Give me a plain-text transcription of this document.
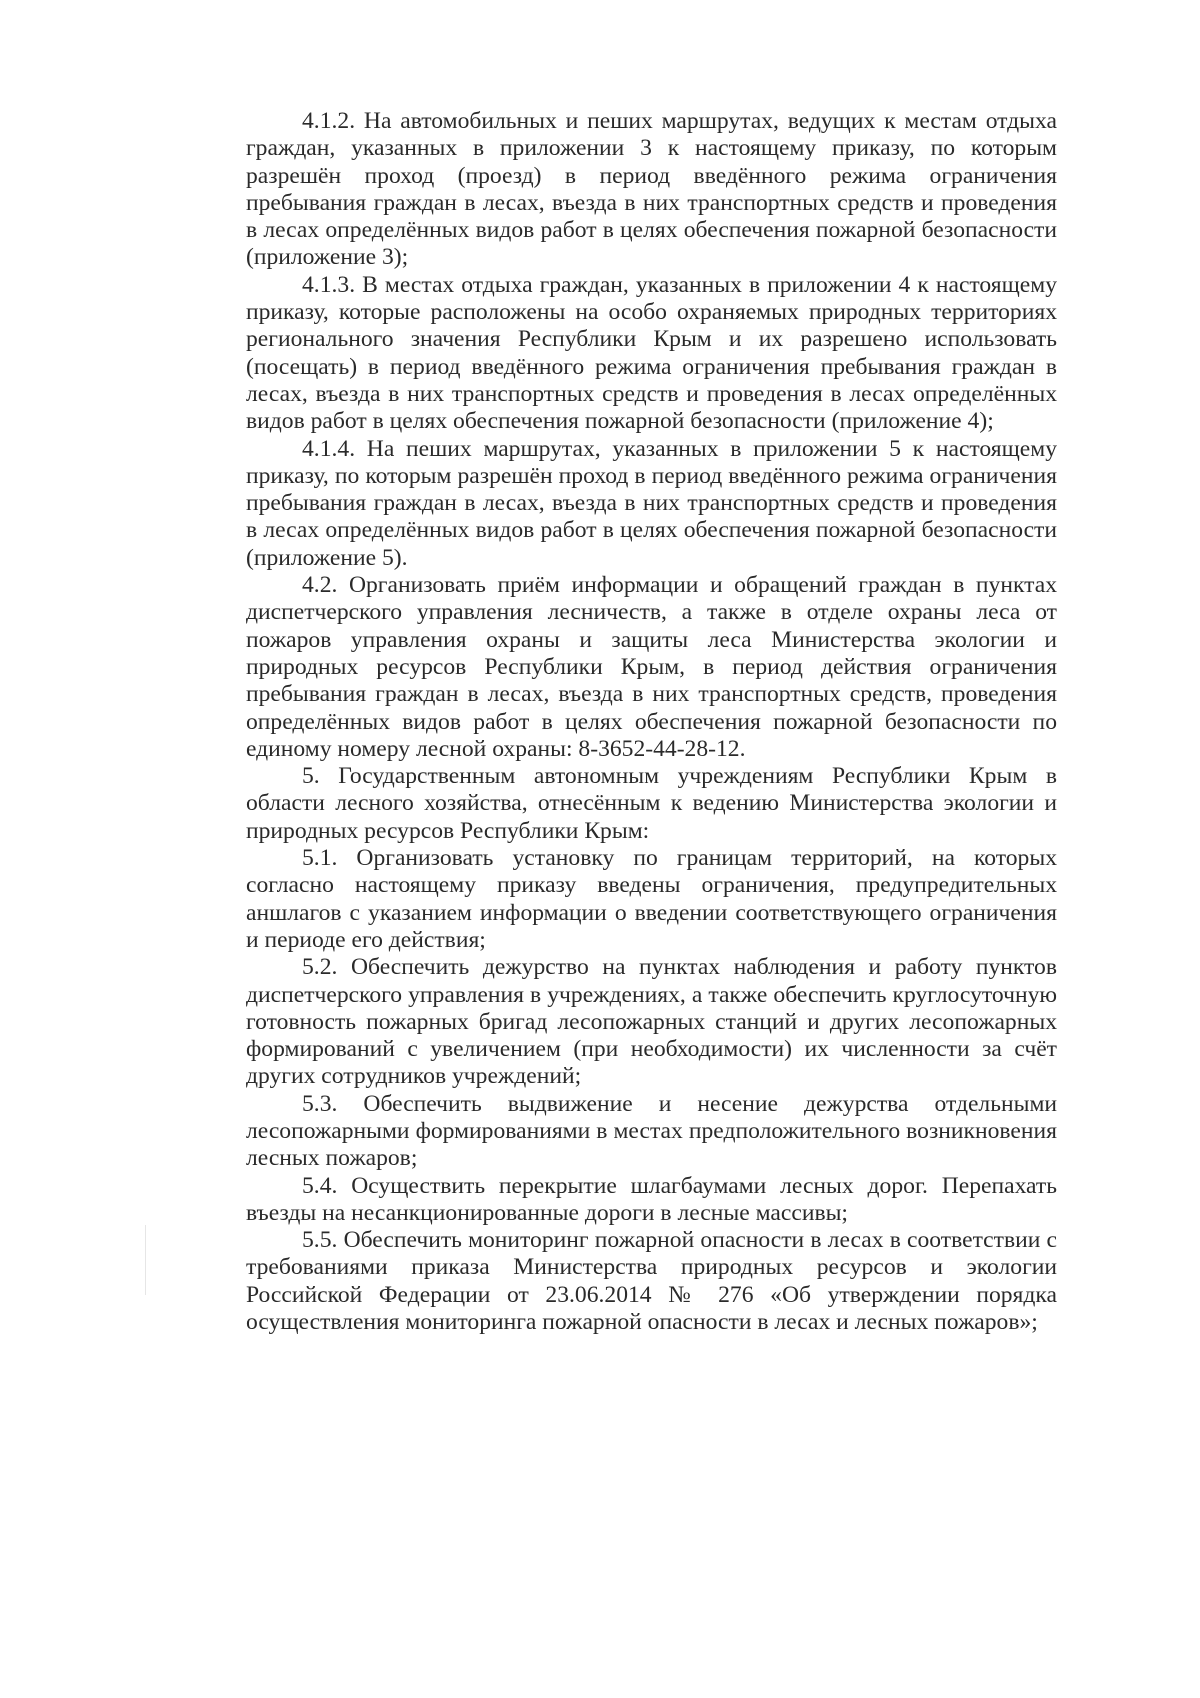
4.1.2. На автомобильных и пеших маршрутах, ведущих к местам отдыха граждан, указанных в приложении 3 к настоящему приказу, по которым разрешён проход (проезд) в период введённого режима ограничения пребывания граждан в лесах, въезда в них транспортных средств и проведения в лесах определённых видов работ в целях обеспечения пожарной безопасности (приложение 3);

4.1.3. В местах отдыха граждан, указанных в приложении 4 к настоящему приказу, которые расположены на особо охраняемых природных территориях регионального значения Республики Крым и их разрешено использовать (посещать) в период введённого режима ограничения пребывания граждан в лесах, въезда в них транспортных средств и проведения в лесах определённых видов работ в целях обеспечения пожарной безопасности (приложение 4);

4.1.4. На пеших маршрутах, указанных в приложении 5 к настоящему приказу, по которым разрешён проход в период введённого режима ограничения пребывания граждан в лесах, въезда в них транспортных средств и проведения в лесах определённых видов работ в целях обеспечения пожарной безопасности (приложение 5).

4.2. Организовать приём информации и обращений граждан в пунктах диспетчерского управления лесничеств, а также в отделе охраны леса от пожаров управления охраны и защиты леса Министерства экологии и природных ресурсов Республики Крым, в период действия ограничения пребывания граждан в лесах, въезда в них транспортных средств, проведения определённых видов работ в целях обеспечения пожарной безопасности по единому номеру лесной охраны: 8-3652-44-28-12.

5. Государственным автономным учреждениям Республики Крым в области лесного хозяйства, отнесённым к ведению Министерства экологии и природных ресурсов Республики Крым:

5.1. Организовать установку по границам территорий, на которых согласно настоящему приказу введены ограничения, предупредительных аншлагов с указанием информации о введении соответствующего ограничения и периоде его действия;

5.2. Обеспечить дежурство на пунктах наблюдения и работу пунктов диспетчерского управления в учреждениях, а также обеспечить круглосуточную готовность пожарных бригад лесопожарных станций и других лесопожарных формирований с увеличением (при необходимости) их численности за счёт других сотрудников учреждений;

5.3. Обеспечить выдвижение и несение дежурства отдельными лесопожарными формированиями в местах предположительного возникновения лесных пожаров;

5.4. Осуществить перекрытие шлагбаумами лесных дорог. Перепахать въезды на несанкционированные дороги в лесные массивы;

5.5. Обеспечить мониторинг пожарной опасности в лесах в соответствии с требованиями приказа Министерства природных ресурсов и экологии Российской Федерации от 23.06.2014 № 276 «Об утверждении порядка осуществления мониторинга пожарной опасности в лесах и лесных пожаров»;
